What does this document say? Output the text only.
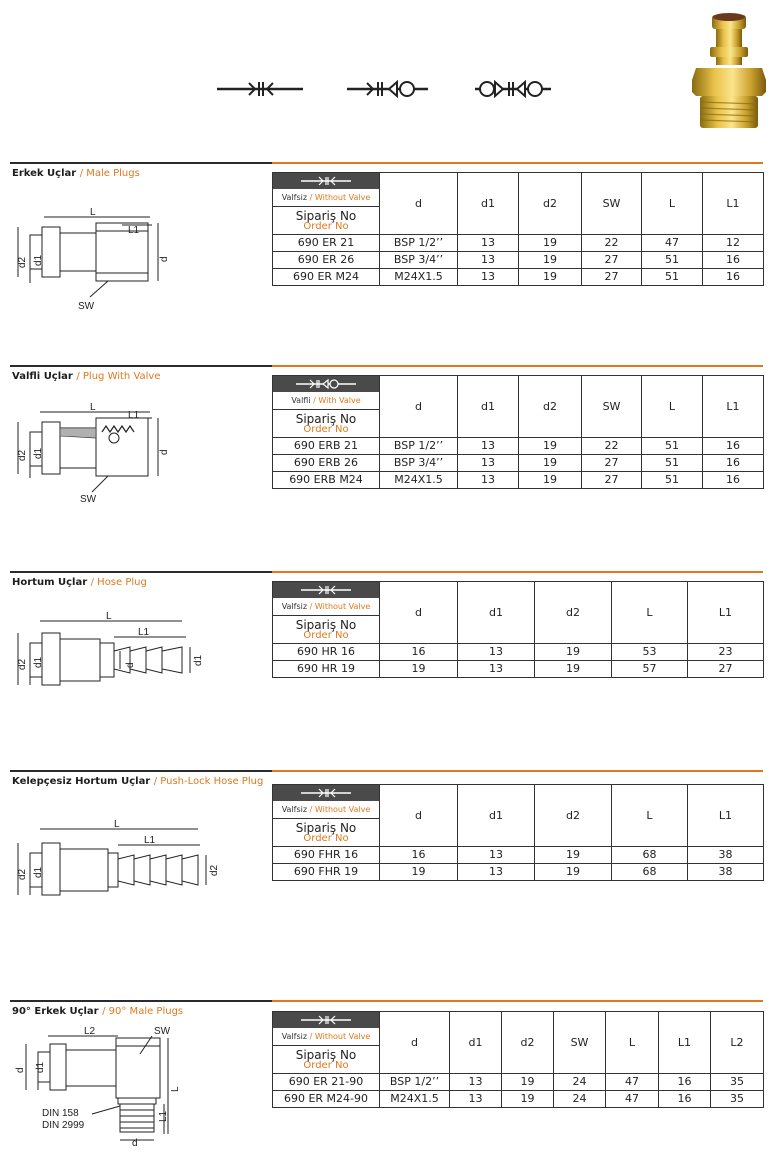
Erkek Uçlar / Male Plugs
L
L1
d2 d1	d
SW
Valfsiz / Without Valve
Sipariş No
Order No	d	d1	d2	SW	L	L1
690 ER 21	BSP 1/2’’	13	19	22	47	12
690 ER 26	BSP 3/4’’	13	19	27	51	16
690 ER M24	M24X1.5	13	19	27	51	16
Valfli Uçlar / Plug With Valve
L
L1
d2 d1	d
SW
Valfli / With Valve
Sipariş No
Order No	d	d1	d2	SW	L	L1
690 ERB 21	BSP 1/2’’	13	19	22	51	16
690 ERB 26	BSP 3/4’’	13	19	27	51	16
690 ERB M24	M24X1.5	13	19	27	51	16
Hortum Uçlar / Hose Plug
L
L1
d2 d1	d	d1
Valfsiz / Without Valve
Sipariş No
Order No	d	d1	d2	L	L1
690 HR 16	16	13	19	53	23
690 HR 19	19	13	19	57	27
Kelepçesiz Hortum Uçlar / Push-Lock Hose Plug
L
L1
d2 d1	d2
Valfsiz / Without Valve
Sipariş No
Order No	d	d1	d2	L	L1
690 FHR 16	16	13	19	68	38
690 FHR 19	19	13	19	68	38
90° Erkek Uçlar / 90° Male Plugs
L2	SW
d d1
L
L1
d
DIN 158
DIN 2999
Valfsiz / Without Valve
Sipariş No
Order No	d	d1	d2	SW	L	L1	L2
690 ER 21-90	BSP 1/2’’	13	19	24	47	16	35
690 ER M24-90	M24X1.5	13	19	24	47	16	35
